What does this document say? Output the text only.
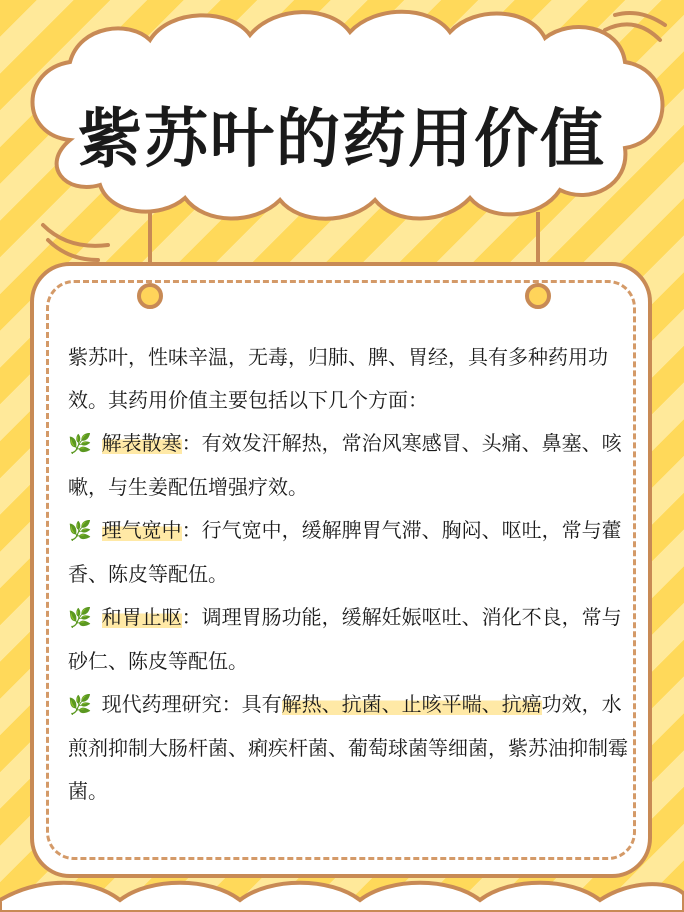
紫苏叶的药用价值

紫苏叶，性味辛温，无毒，归肺、脾、胃经，具有多种药用功效。其药用价值主要包括以下几个方面：

🌿 解表散寒：有效发汗解热，常治风寒感冒、头痛、鼻塞、咳嗽，与生姜配伍增强疗效。

🌿 理气宽中：行气宽中，缓解脾胃气滞、胸闷、呕吐，常与藿香、陈皮等配伍。

🌿 和胃止呕：调理胃肠功能，缓解妊娠呕吐、消化不良，常与砂仁、陈皮等配伍。

🌿 现代药理研究：具有解热、抗菌、止咳平喘、抗癌功效，水煎剂抑制大肠杆菌、痢疾杆菌、葡萄球菌等细菌，紫苏油抑制霉菌。
